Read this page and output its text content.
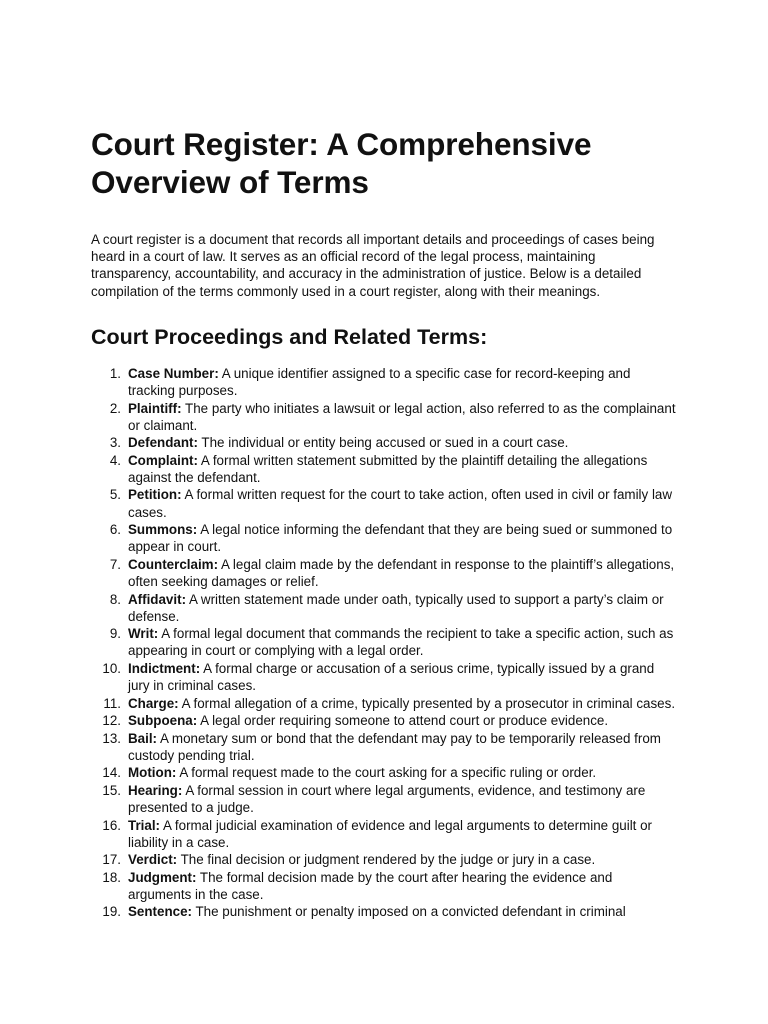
Court Register: A Comprehensive Overview of Terms

A court register is a document that records all important details and proceedings of cases being heard in a court of law. It serves as an official record of the legal process, maintaining transparency, accountability, and accuracy in the administration of justice. Below is a detailed compilation of the terms commonly used in a court register, along with their meanings.

Court Proceedings and Related Terms:
1. Case Number: A unique identifier assigned to a specific case for record-keeping and tracking purposes.
2. Plaintiff: The party who initiates a lawsuit or legal action, also referred to as the complainant or claimant.
3. Defendant: The individual or entity being accused or sued in a court case.
4. Complaint: A formal written statement submitted by the plaintiff detailing the allegations against the defendant.
5. Petition: A formal written request for the court to take action, often used in civil or family law cases.
6. Summons: A legal notice informing the defendant that they are being sued or summoned to appear in court.
7. Counterclaim: A legal claim made by the defendant in response to the plaintiff’s allegations, often seeking damages or relief.
8. Affidavit: A written statement made under oath, typically used to support a party’s claim or defense.
9. Writ: A formal legal document that commands the recipient to take a specific action, such as appearing in court or complying with a legal order.
10. Indictment: A formal charge or accusation of a serious crime, typically issued by a grand jury in criminal cases.
11. Charge: A formal allegation of a crime, typically presented by a prosecutor in criminal cases.
12. Subpoena: A legal order requiring someone to attend court or produce evidence.
13. Bail: A monetary sum or bond that the defendant may pay to be temporarily released from custody pending trial.
14. Motion: A formal request made to the court asking for a specific ruling or order.
15. Hearing: A formal session in court where legal arguments, evidence, and testimony are presented to a judge.
16. Trial: A formal judicial examination of evidence and legal arguments to determine guilt or liability in a case.
17. Verdict: The final decision or judgment rendered by the judge or jury in a case.
18. Judgment: The formal decision made by the court after hearing the evidence and arguments in the case.
19. Sentence: The punishment or penalty imposed on a convicted defendant in criminal
